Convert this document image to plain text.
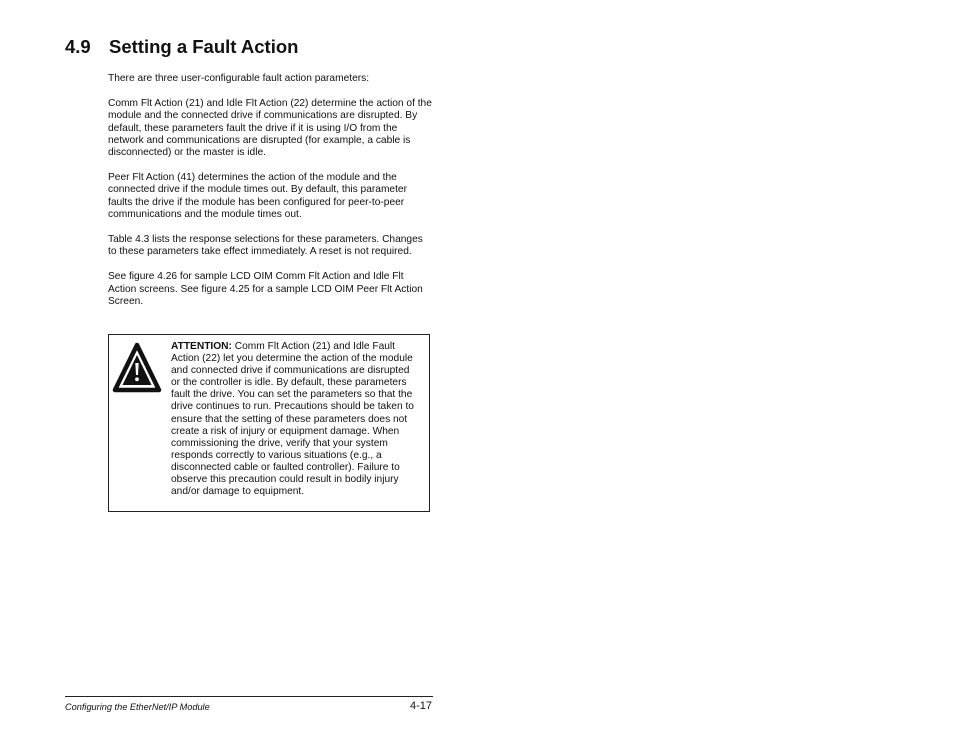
4.9 Setting a Fault Action

There are three user-configurable fault action parameters:

Comm Flt Action (21) and Idle Flt Action (22) determine the action of the module and the connected drive if communications are disrupted. By default, these parameters fault the drive if it is using I/O from the network and communications are disrupted (for example, a cable is disconnected) or the master is idle.

Peer Flt Action (41) determines the action of the module and the connected drive if the module times out. By default, this parameter faults the drive if the module has been configured for peer-to-peer communications and the module times out.

Table 4.3 lists the response selections for these parameters. Changes to these parameters take effect immediately. A reset is not required.

See figure 4.26 for sample LCD OIM Comm Flt Action and Idle Flt Action screens. See figure 4.25 for a sample LCD OIM Peer Flt Action Screen.

ATTENTION: Comm Flt Action (21) and Idle Fault Action (22) let you determine the action of the module and connected drive if communications are disrupted or the controller is idle. By default, these parameters fault the drive. You can set the parameters so that the drive continues to run. Precautions should be taken to ensure that the setting of these parameters does not create a risk of injury or equipment damage. When commissioning the drive, verify that your system responds correctly to various situations (e.g., a disconnected cable or faulted controller). Failure to observe this precaution could result in bodily injury and/or damage to equipment.
Configuring the EtherNet/IP Module	4-17
